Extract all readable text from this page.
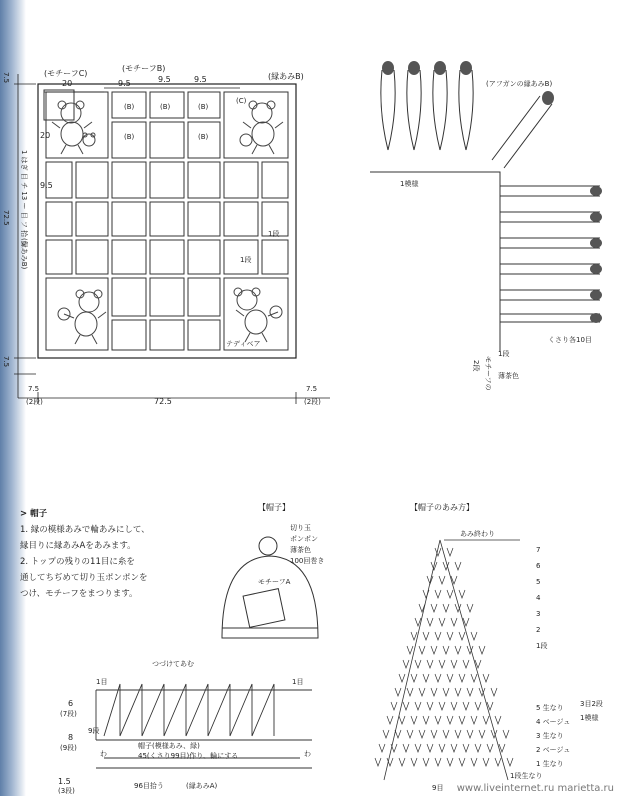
(モチーフC)
(モチーフB)
(縁あみB)
20	9.5	9.5	9.5
20
9.5
1 はぎ 目 チ 13 ー 目 フ 拾 う
(縁あみB)
(B)	(B)	(B)
(B)	(B)
(C)
1段
1段
テディベア
7.5
72.5
7.5
7.5
(2段)	72.5
7.5
(2段)
(アフガンの縁あみB)
1模様
くさり各10目
1段
薄茶色
2段 モチーフの
【帽子】
切り玉
ポンポン
薄茶色
100回巻き
モチーフA
つづけてあむ
1目	1目
6
(7段)
8
(9段)
9段
帽子(模様あみ、緑)
45(くさり99目)作り、輪にする
わ	わ
1.5
(3段)
96目拾う	(縁あみA)
【帽子のあみ方】
あみ終わり
7
6
5
4
3
2
1段
5 生なり
4 ベージュ
3 生なり
2 ベージュ
1 生なり
3目2段
1模様
9目
1段生なり
> 帽子
1. 縁の模様あみで輪あみにして、
縁目りに縁あみAをあみます。
2. トップの残りの11目に糸を
通してちぢめて切り玉ポンポンを
つけ、モチーフをまつります。
www.liveinternet.ru marietta.ru
